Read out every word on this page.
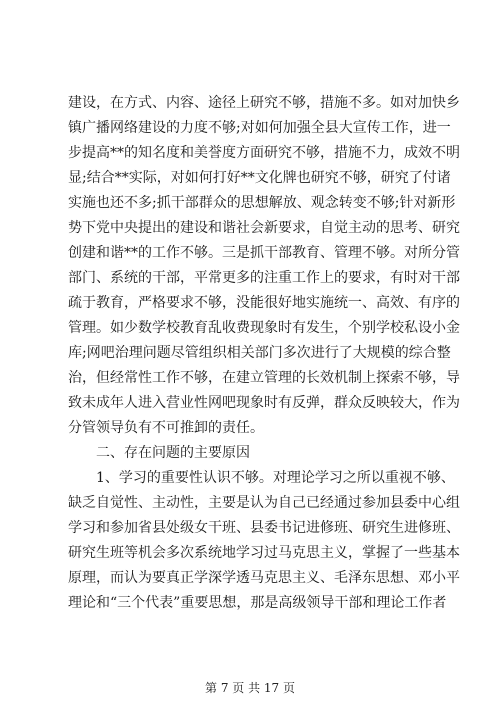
建设，在方式、内容、途径上研究不够，措施不多。如对加快乡
镇广播网络建设的力度不够;对如何加强全县大宣传工作，进一
步提高**的知名度和美誉度方面研究不够，措施不力，成效不明
显;结合**实际，对如何打好**文化牌也研究不够，研究了付诸
实施也还不多;抓干部群众的思想解放、观念转变不够;针对新形
势下党中央提出的建设和谐社会新要求，自觉主动的思考、研究
创建和谐**的工作不够。三是抓干部教育、管理不够。对所分管
部门、系统的干部，平常更多的注重工作上的要求，有时对干部
疏于教育，严格要求不够，没能很好地实施统一、高效、有序的
管理。如少数学校教育乱收费现象时有发生，个别学校私设小金
库;网吧治理问题尽管组织相关部门多次进行了大规模的综合整
治，但经常性工作不够，在建立管理的长效机制上探索不够，导
致未成年人进入营业性网吧现象时有反弹，群众反映较大，作为
分管领导负有不可推卸的责任。
二、存在问题的主要原因
1、学习的重要性认识不够。对理论学习之所以重视不够、
缺乏自觉性、主动性，主要是认为自己已经通过参加县委中心组
学习和参加省县处级女干班、县委书记进修班、研究生进修班、
研究生班等机会多次系统地学习过马克思主义，掌握了一些基本
原理，而认为要真正学深学透马克思主义、毛泽东思想、邓小平
理论和“三个代表”重要思想，那是高级领导干部和理论工作者
第 7 页 共 17 页
